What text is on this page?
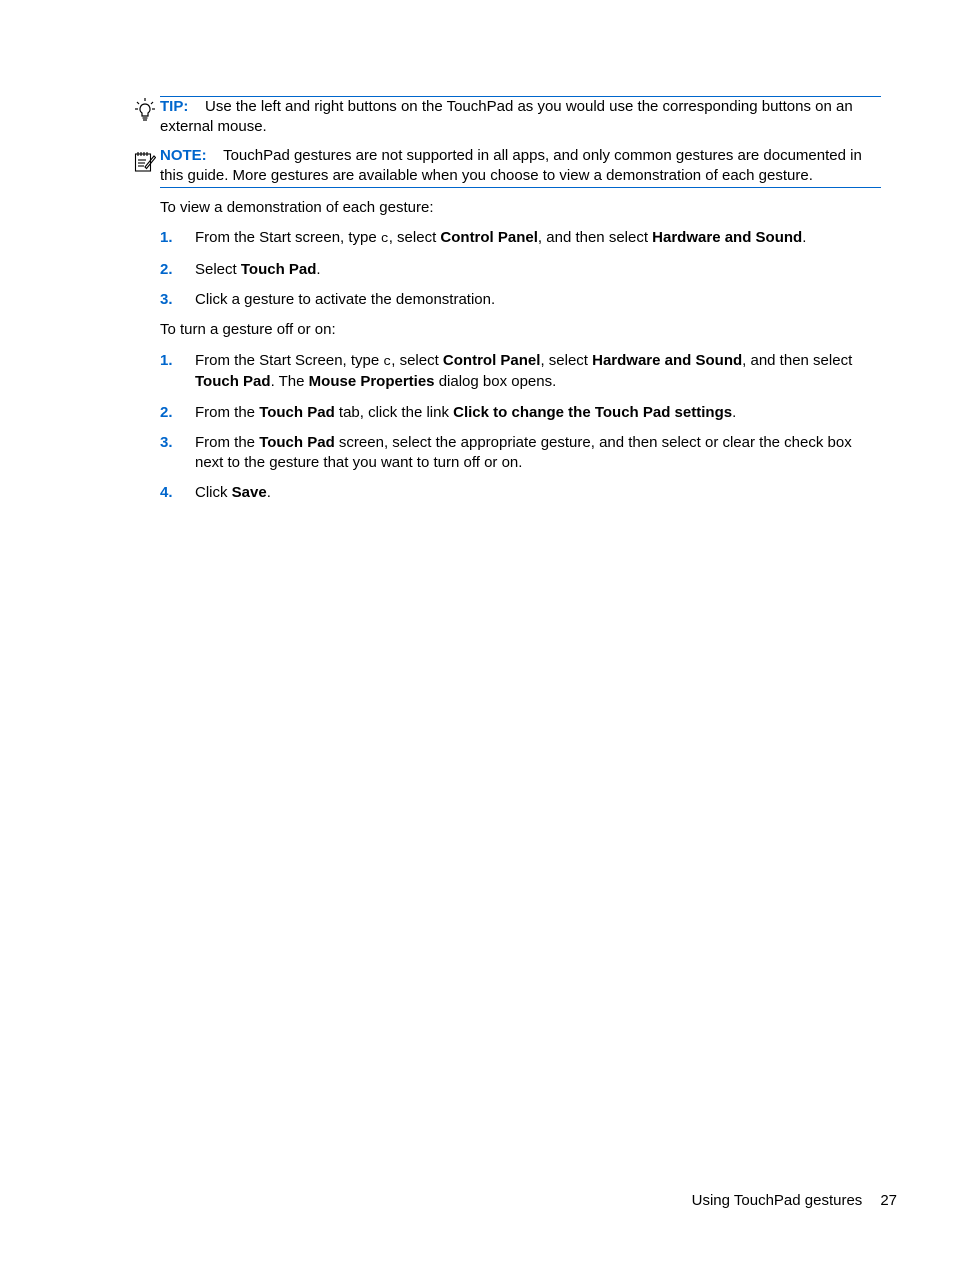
TIP: Use the left and right buttons on the TouchPad as you would use the corresponding buttons on an external mouse.

NOTE: TouchPad gestures are not supported in all apps, and only common gestures are documented in this guide. More gestures are available when you choose to view a demonstration of each gesture.

To view a demonstration of each gesture:

1. From the Start screen, type c, select Control Panel, and then select Hardware and Sound.
2. Select Touch Pad.
3. Click a gesture to activate the demonstration.

To turn a gesture off or on:

1. From the Start Screen, type c, select Control Panel, select Hardware and Sound, and then select Touch Pad. The Mouse Properties dialog box opens.
2. From the Touch Pad tab, click the link Click to change the Touch Pad settings.
3. From the Touch Pad screen, select the appropriate gesture, and then select or clear the check box next to the gesture that you want to turn off or on.
4. Click Save.
Using TouchPad gestures 27
